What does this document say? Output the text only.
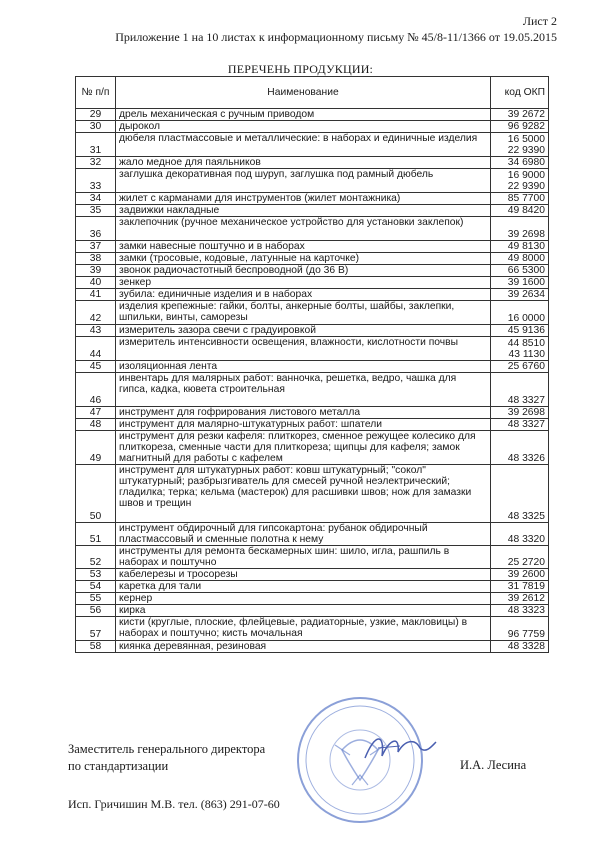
Лист 2
Приложение 1 на 10 листах к информационному письму № 45/8-11/1366 от 19.05.2015
ПЕРЕЧЕНЬ ПРОДУКЦИИ:
№ п/п	Наименование	код ОКП
29	дрель механическая с ручным приводом	39 2672
30	дырокол	96 9282
31	дюбеля пластмассовые и металлические: в наборах и единичные изделия	16 5000
22 9390
32	жало медное для паяльников	34 6980
33	заглушка декоративная под шуруп, заглушка под рамный дюбель	16 9000
22 9390
34	жилет с карманами для инструментов (жилет монтажника)	85 7700
35	задвижки накладные	49 8420
36	заклепочник (ручное механическое устройство для установки заклепок)	39 2698
37	замки навесные поштучно и в наборах	49 8130
38	замки (тросовые, кодовые, латунные на карточке)	49 8000
39	звонок радиочастотный беспроводной (до 36 В)	66 5300
40	зенкер	39 1600
41	зубила: единичные изделия и в наборах	39 2634
42	изделия крепежные: гайки, болты, анкерные болты, шайбы, заклепки, шпильки, винты, саморезы	16 0000
43	измеритель зазора свечи с градуировкой	45 9136
44	измеритель интенсивности освещения, влажности, кислотности почвы	44 8510
43 1130
45	изоляционная лента	25 6760
46	инвентарь для малярных работ: ванночка, решетка, ведро, чашка для гипса, кадка, кювета строительная	48 3327
47	инструмент для гофрирования листового металла	39 2698
48	инструмент для малярно-штукатурных работ: шпатели	48 3327
49	инструмент для резки кафеля: плиткорез, сменное режущее колесико для плиткореза, сменные части для плиткореза; щипцы для кафеля; замок магнитный для работы с кафелем	48 3326
50	инструмент для штукатурных работ: ковш штукатурный; "сокол" штукатурный; разбрызгиватель для смесей ручной неэлектрический; гладилка; терка; кельма (мастерок) для расшивки швов; нож для замазки швов и трещин	48 3325
51	инструмент обдирочный для гипсокартона: рубанок обдирочный пластмассовый и сменные полотна к нему	48 3320
52	инструменты для ремонта бескамерных шин: шило, игла, рашпиль в наборах и поштучно	25 2720
53	кабелерезы и тросорезы	39 2600
54	каретка для тали	31 7819
55	кернер	39 2612
56	кирка	48 3323
57	кисти (круглые, плоские, флейцевые, радиаторные, узкие, макловицы) в наборах и поштучно; кисть мочальная	96 7759
58	киянка деревянная, резиновая	48 3328
Заместитель генерального директора
по стандартизации	И.А. Лесина
Исп. Гричишин М.В. тел. (863) 291-07-60
